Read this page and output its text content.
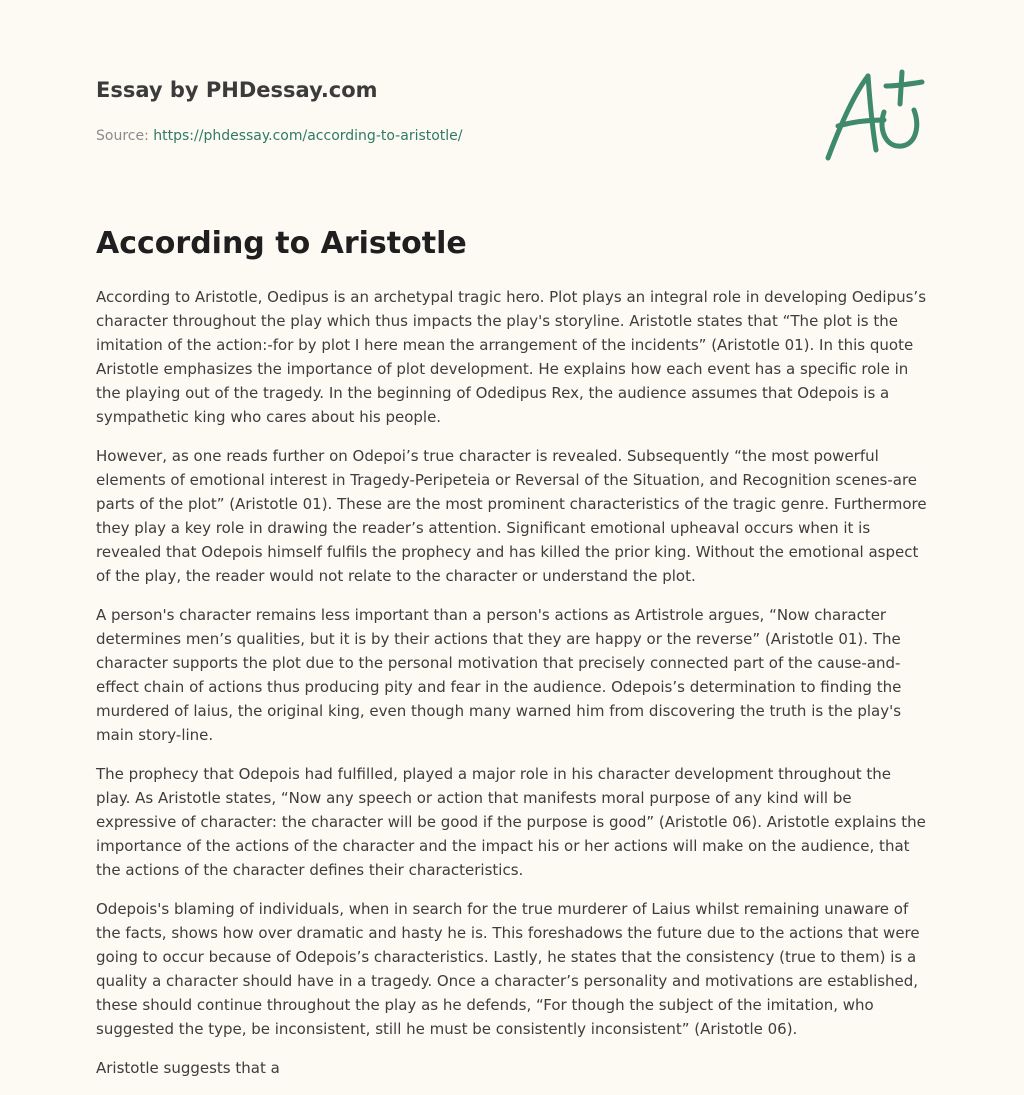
Essay by PHDessay.com
Source: https://phdessay.com/according-to-aristotle/
According to Aristotle

According to Aristotle, Oedipus is an archetypal tragic hero. Plot plays an integral role in developing Oedipus’s character throughout the play which thus impacts the play's storyline. Aristotle states that “The plot is the imitation of the action:-for by plot I here mean the arrangement of the incidents” (Aristotle 01). In this quote Aristotle emphasizes the importance of plot development. He explains how each event has a specific role in the playing out of the tragedy. In the beginning of Odedipus Rex, the audience assumes that Odepois is a sympathetic king who cares about his people.

However, as one reads further on Odepoi’s true character is revealed. Subsequently “the most powerful elements of emotional interest in Tragedy-Peripeteia or Reversal of the Situation, and Recognition scenes-are parts of the plot” (Aristotle 01). These are the most prominent characteristics of the tragic genre. Furthermore they play a key role in drawing the reader’s attention. Significant emotional upheaval occurs when it is revealed that Odepois himself fulfils the prophecy and has killed the prior king. Without the emotional aspect of the play, the reader would not relate to the character or understand the plot.

A person's character remains less important than a person's actions as Artistrole argues, “Now character determines men’s qualities, but it is by their actions that they are happy or the reverse” (Aristotle 01). The character supports the plot due to the personal motivation that precisely connected part of the cause-and-effect chain of actions thus producing pity and fear in the audience. Odepois’s determination to finding the murdered of laius, the original king, even though many warned him from discovering the truth is the play's main story-line.

The prophecy that Odepois had fulfilled, played a major role in his character development throughout the play. As Aristotle states, “Now any speech or action that manifests moral purpose of any kind will be expressive of character: the character will be good if the purpose is good” (Aristotle 06). Aristotle explains the importance of the actions of the character and the impact his or her actions will make on the audience, that the actions of the character defines their characteristics.

Odepois's blaming of individuals, when in search for the true murderer of Laius whilst remaining unaware of the facts, shows how over dramatic and hasty he is. This foreshadows the future due to the actions that were going to occur because of Odepois’s characteristics. Lastly, he states that the consistency (true to them) is a quality a character should have in a tragedy. Once a character’s personality and motivations are established, these should continue throughout the play as he defends, “For though the subject of the imitation, who suggested the type, be inconsistent, still he must be consistently inconsistent” (Aristotle 06).

Aristotle suggests that a
